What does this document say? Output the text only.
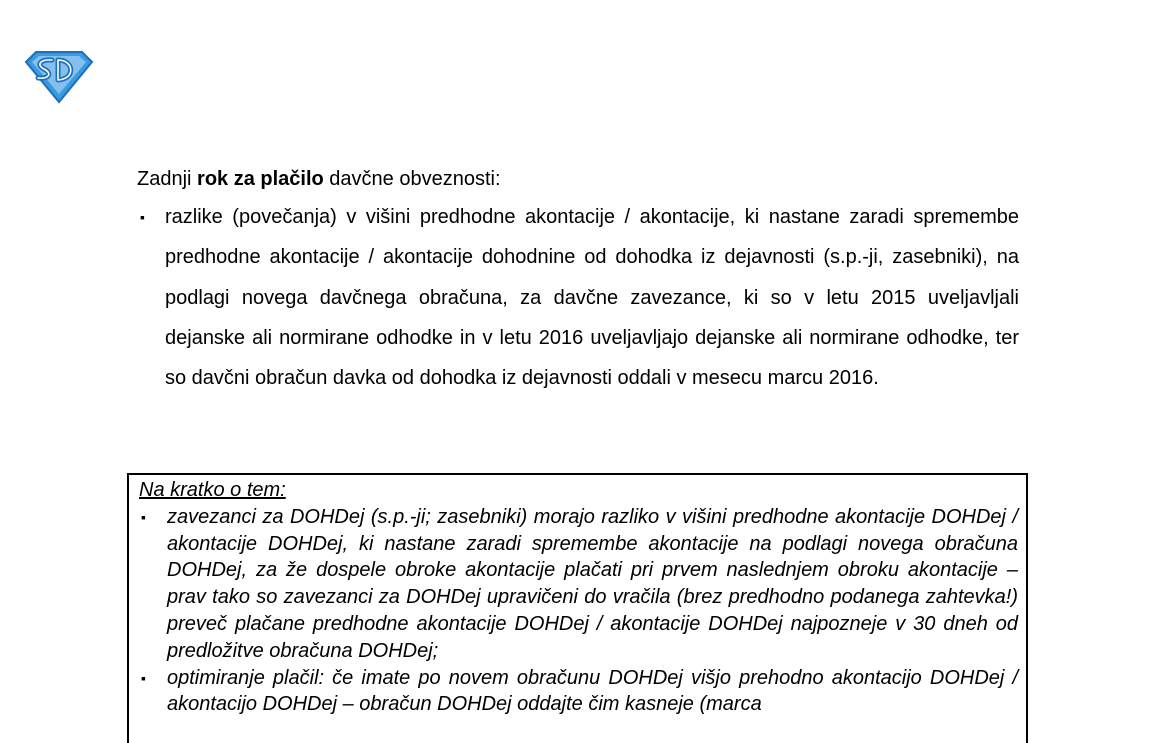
Zadnji rok za plačilo davčne obveznosti:
▪ razlike (povečanja) v višini predhodne akontacije / akontacije, ki nastane zaradi spremembe predhodne akontacije / akontacije dohodnine od dohodka iz dejavnosti (s.p.-ji, zasebniki), na podlagi novega davčnega obračuna, za davčne zavezance, ki so v letu 2015 uveljavljali dejanske ali normirane odhodke in v letu 2016 uveljavljajo dejanske ali normirane odhodke, ter so davčni obračun davka od dohodka iz dejavnosti oddali v mesecu marcu 2016.
Na kratko o tem:
▪ zavezanci za DOHDej (s.p.-ji; zasebniki) morajo razliko v višini predhodne akontacije DOHDej / akontacije DOHDej, ki nastane zaradi spremembe akontacije na podlagi novega obračuna DOHDej, za že dospele obroke akontacije plačati pri prvem naslednjem obroku akontacije – prav tako so zavezanci za DOHDej upravičeni do vračila (brez predhodno podanega zahtevka!) preveč plačane predhodne akontacije DOHDej / akontacije DOHDej najpozneje v 30 dneh od predložitve obračuna DOHDej;
▪ optimiranje plačil: če imate po novem obračunu DOHDej višjo prehodno akontacijo DOHDej / akontacijo DOHDej – obračun DOHDej oddajte čim kasneje (marca
